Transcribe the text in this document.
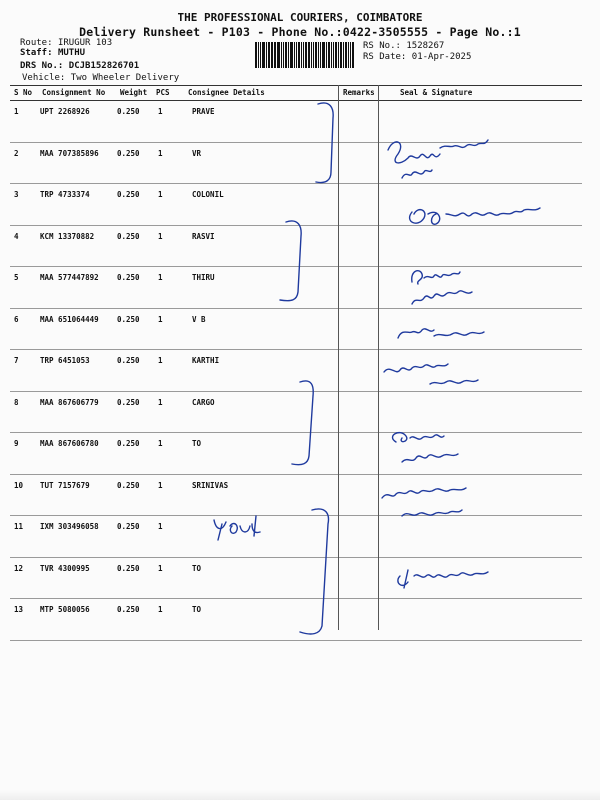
THE PROFESSIONAL COURIERS, COIMBATORE
Delivery Runsheet - P103 - Phone No.:0422-3505555 - Page No.:1
Route: IRUGUR 103
Staff: MUTHU
DRS No.: DCJB152826701
Vehicle: Two Wheeler Delivery
RS No.: 1528267
RS Date: 01-Apr-2025
S No Consignment No Weight PCS Consignee Details	Remarks	Seal & Signature
1	UPT 2268926	0.250 1	PRAVE
2	MAA 707385896 0.250 1	VR
3	TRP 4733374	0.250 1	COLONIL
4	KCM 13370882	0.250 1	RASVI
5	MAA 577447892 0.250 1	THIRU
6	MAA 651064449 0.250 1	V B
7	TRP 6451053	0.250 1	KARTHI
8	MAA 867606779 0.250 1	CARGO
9	MAA 867606780 0.250 1	TO
10 TUT 7157679	0.250 1	SRINIVAS
11 IXM 303496058 0.250 1
12 TVR 4300995	0.250 1	TO
13 MTP 5080056	0.250 1	TO
